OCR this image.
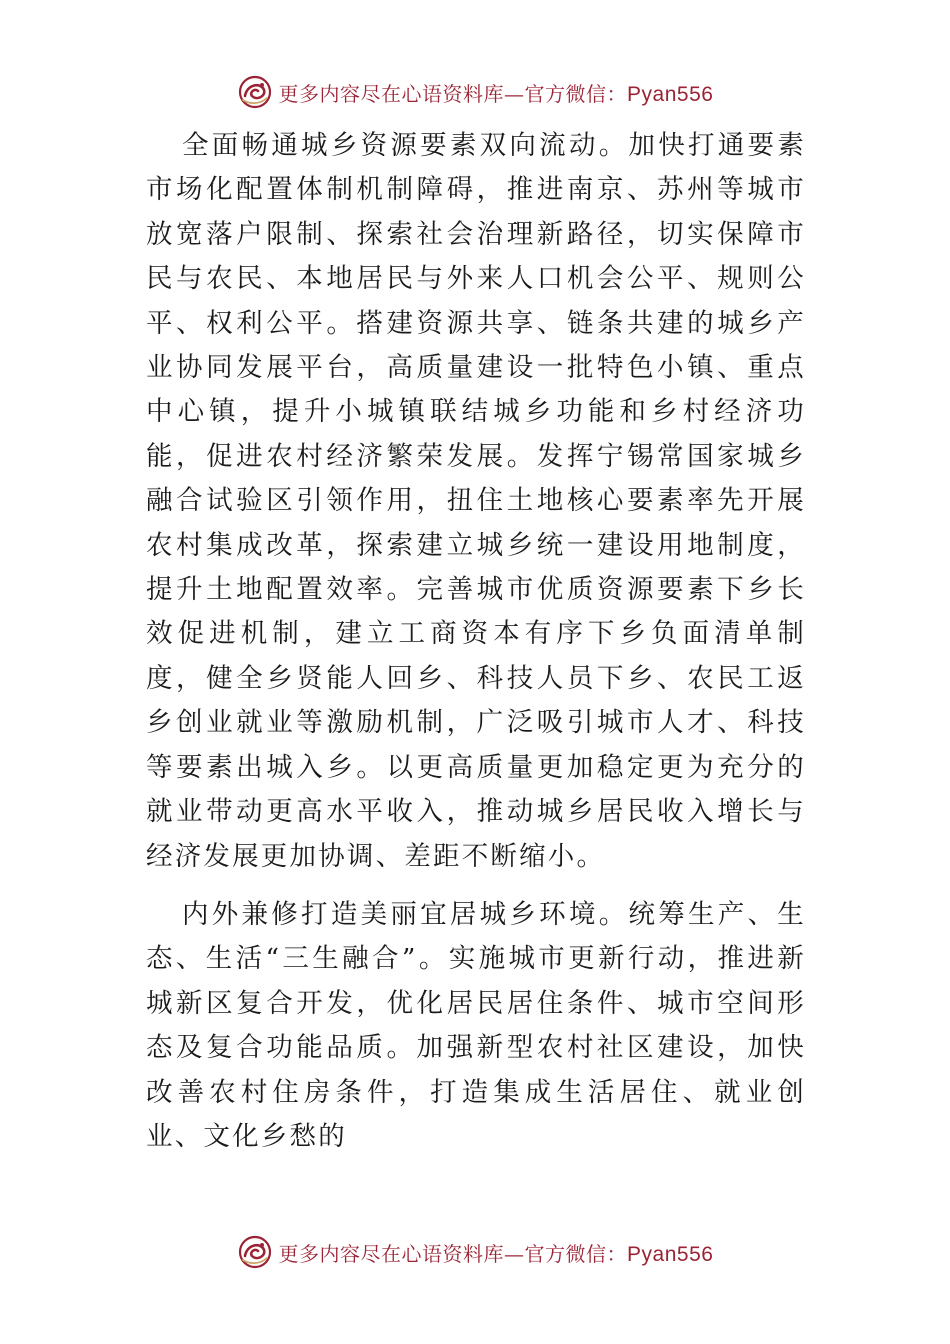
更多内容尽在心语资料库—官方微信：Pyan556

全面畅通城乡资源要素双向流动。加快打通要素市场化配置体制机制障碍，推进南京、苏州等城市放宽落户限制、探索社会治理新路径，切实保障市民与农民、本地居民与外来人口机会公平、规则公平、权利公平。搭建资源共享、链条共建的城乡产业协同发展平台，高质量建设一批特色小镇、重点中心镇，提升小城镇联结城乡功能和乡村经济功能，促进农村经济繁荣发展。发挥宁锡常国家城乡融合试验区引领作用，扭住土地核心要素率先开展农村集成改革，探索建立城乡统一建设用地制度，提升土地配置效率。完善城市优质资源要素下乡长效促进机制，建立工商资本有序下乡负面清单制度，健全乡贤能人回乡、科技人员下乡、农民工返乡创业就业等激励机制，广泛吸引城市人才、科技等要素出城入乡。以更高质量更加稳定更为充分的就业带动更高水平收入，推动城乡居民收入增长与经济发展更加协调、差距不断缩小。

内外兼修打造美丽宜居城乡环境。统筹生产、生态、生活“三生融合”。实施城市更新行动，推进新城新区复合开发，优化居民居住条件、城市空间形态及复合功能品质。加强新型农村社区建设，加快改善农村住房条件，打造集成生活居住、就业创业、文化乡愁的

更多内容尽在心语资料库—官方微信：Pyan556
